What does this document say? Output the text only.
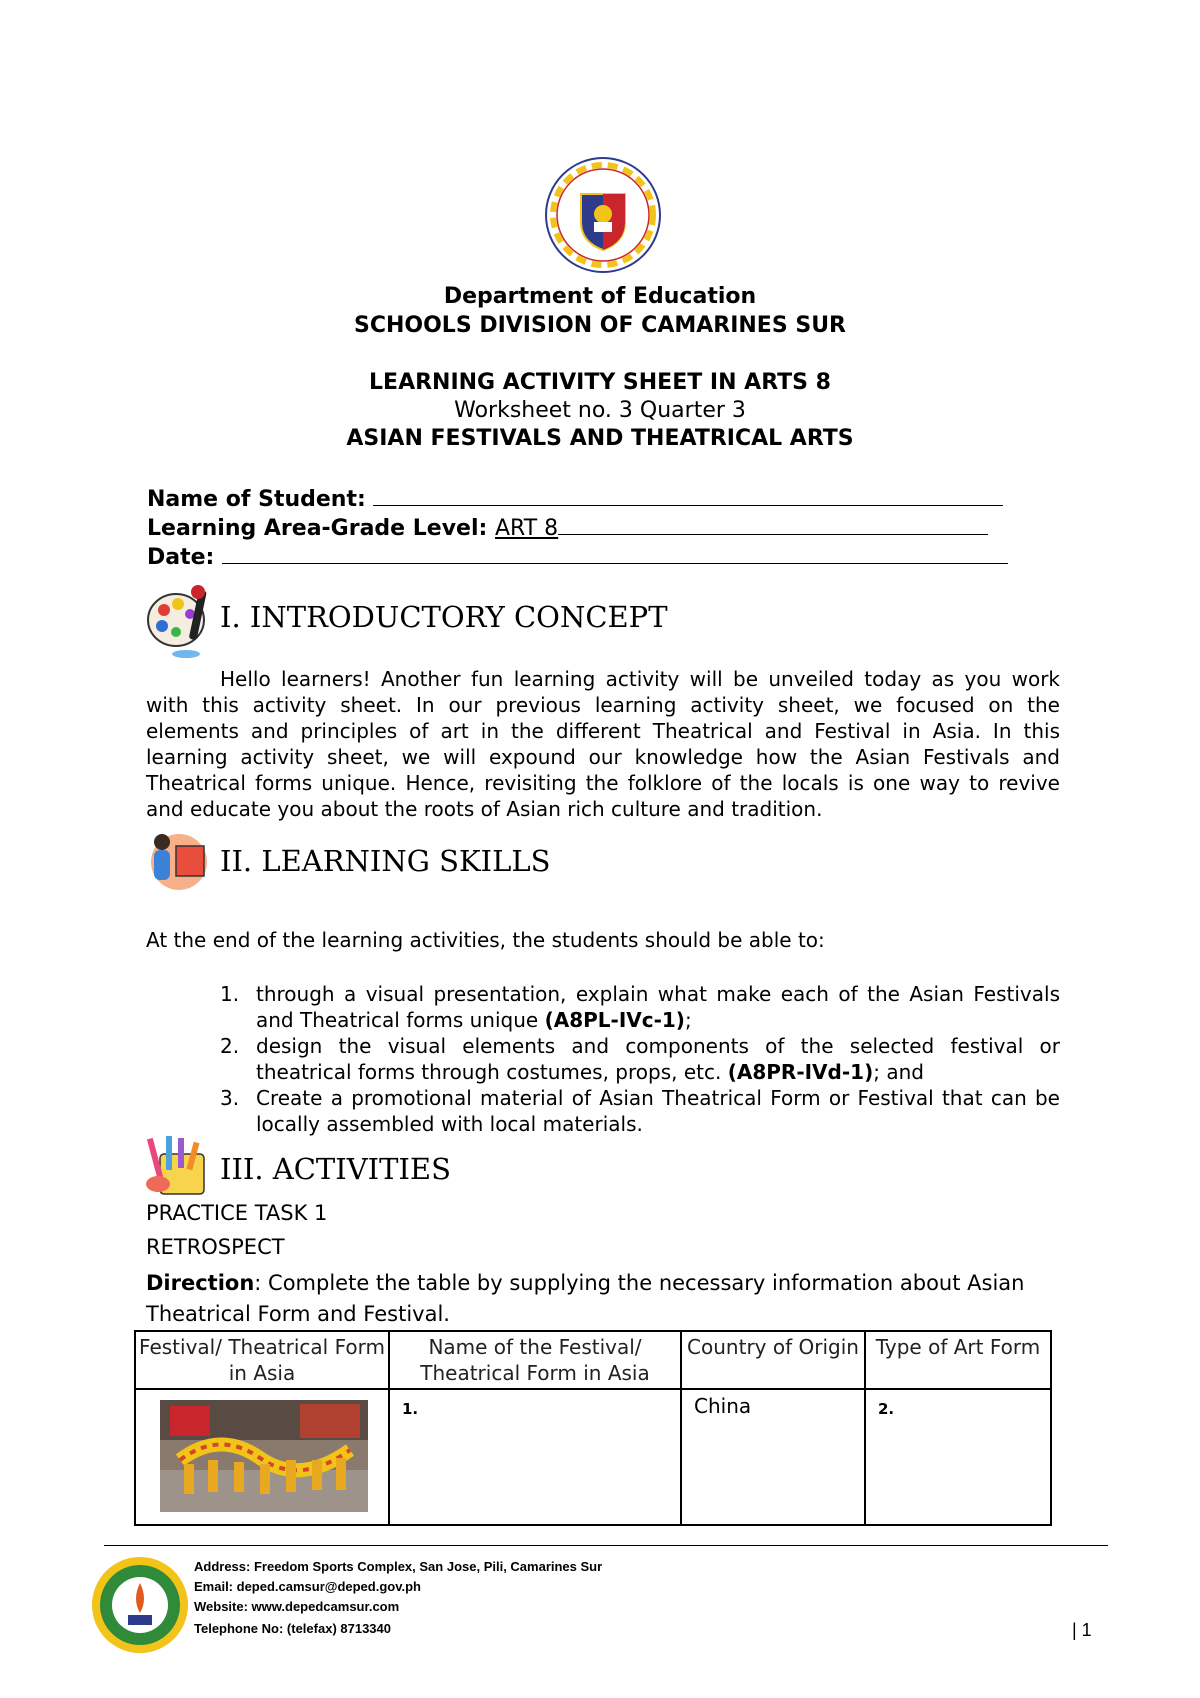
Department of Education
SCHOOLS DIVISION OF CAMARINES SUR
LEARNING ACTIVITY SHEET IN ARTS 8
Worksheet no. 3 Quarter 3
ASIAN FESTIVALS AND THEATRICAL ARTS
Name of Student:
Learning Area-Grade Level: ART 8
Date:
I. INTRODUCTORY CONCEPT

Hello learners! Another fun learning activity will be unveiled today as you work with this activity sheet. In our previous learning activity sheet, we focused on the elements and principles of art in the different Theatrical and Festival in Asia. In this learning activity sheet, we will expound our knowledge how the Asian Festivals and Theatrical forms unique. Hence, revisiting the folklore of the locals is one way to revive and educate you about the roots of Asian rich culture and tradition.

II. LEARNING SKILLS
At the end of the learning activities, the students should be able to:

1. through a visual presentation, explain what make each of the Asian Festivals and Theatrical forms unique (A8PL-IVc-1);

2. design the visual elements and components of the selected festival or theatrical forms through costumes, props, etc. (A8PR-IVd-1); and

3. Create a promotional material of Asian Theatrical Form or Festival that can be locally assembled with local materials.

III. ACTIVITIES
PRACTICE TASK 1
RETROSPECT
Direction: Complete the table by supplying the necessary information about Asian Theatrical Form and Festival.
Festival/ Theatrical Form in Asia	Name of the Festival/ Theatrical Form in Asia	Country of Origin	Type of Art Form

	1.	China	2.
Address: Freedom Sports Complex, San Jose, Pili, Camarines Sur
Email: deped.camsur@deped.gov.ph
Website: www.depedcamsur.com
Telephone No: (telefax) 8713340	| 1
